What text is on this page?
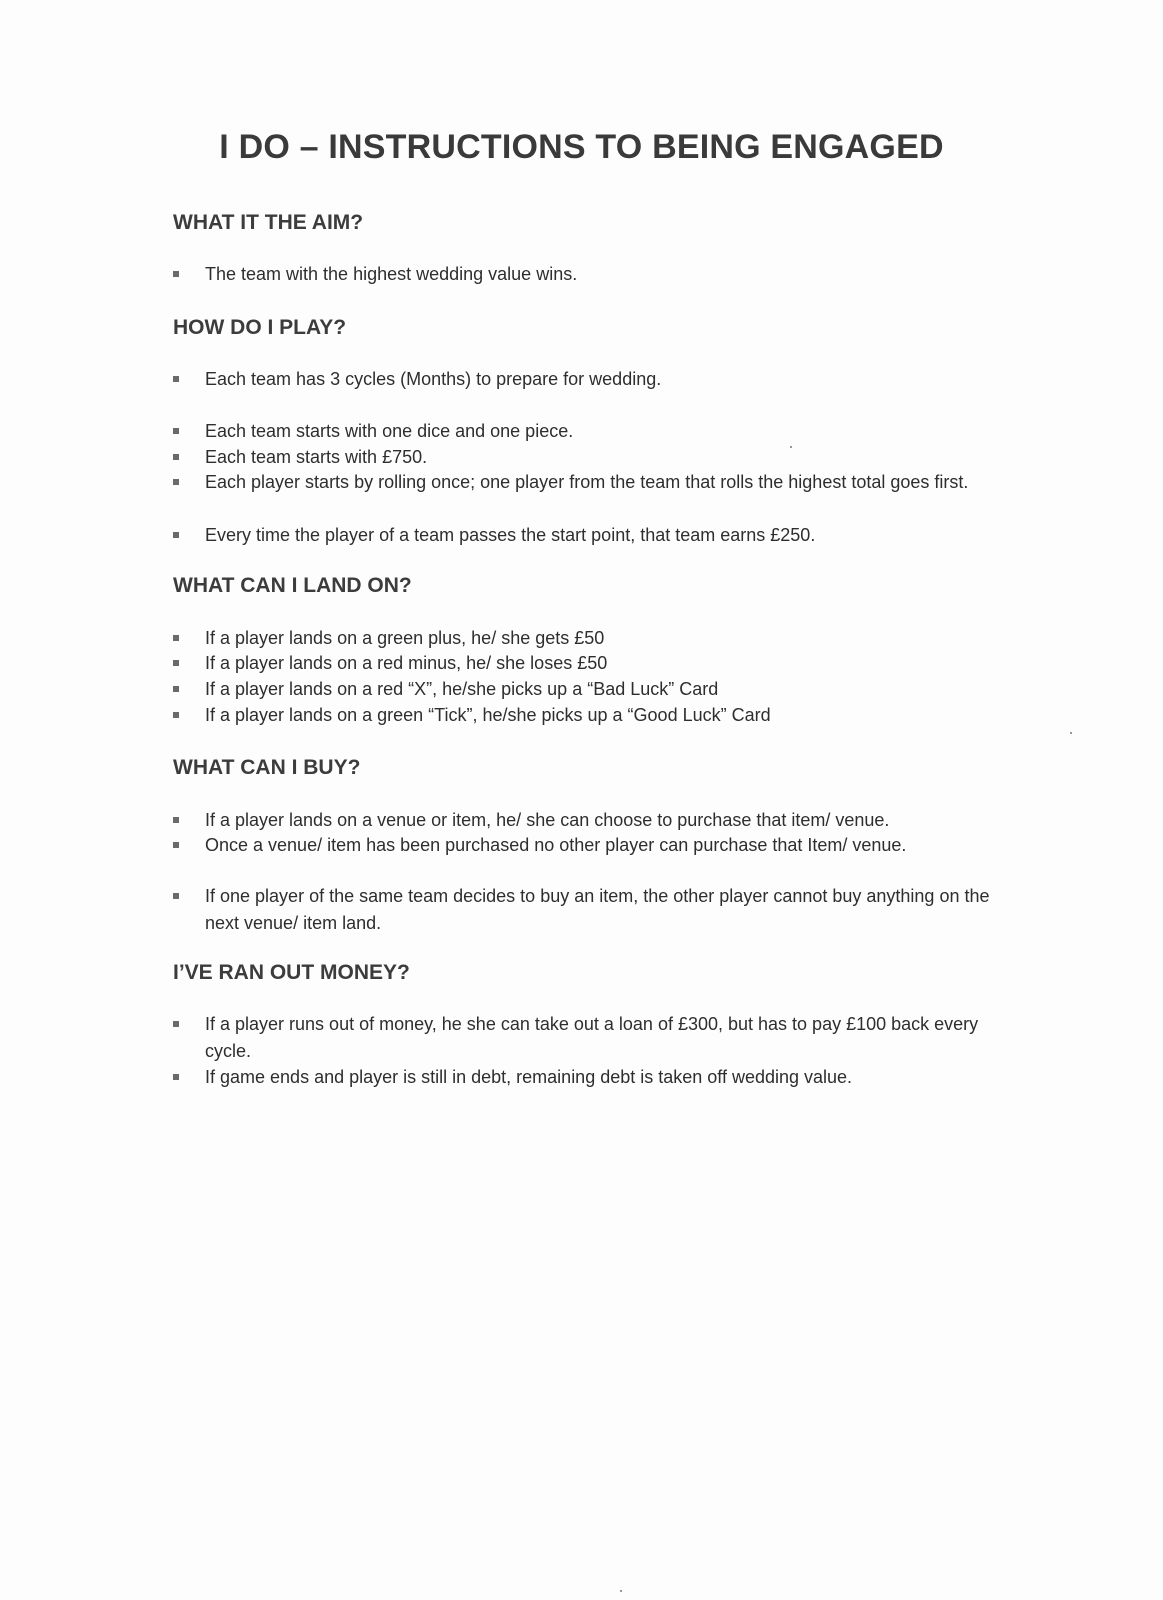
I DO – INSTRUCTIONS TO BEING ENGAGED
WHAT IT THE AIM?
The team with the highest wedding value wins.
HOW DO I PLAY?
Each team has 3 cycles (Months) to prepare for wedding.
Each team starts with one dice and one piece.
Each team starts with £750.
Each player starts by rolling once; one player from the team that rolls the highest total goes first.
Every time the player of a team passes the start point, that team earns £250.
WHAT CAN I LAND ON?
If a player lands on a green plus, he/ she gets £50
If a player lands on a red minus, he/ she loses £50
If a player lands on a red “X”, he/she picks up a “Bad Luck” Card
If a player lands on a green “Tick”, he/she picks up a “Good Luck” Card
WHAT CAN I BUY?
If a player lands on a venue or item, he/ she can choose to purchase that item/ venue.
Once a venue/ item has been purchased no other player can purchase that Item/ venue.
If one player of the same team decides to buy an item, the other player cannot buy anything on the next venue/ item land.
I’VE RAN OUT MONEY?
If a player runs out of money, he she can take out a loan of £300, but has to pay £100 back every cycle.
If game ends and player is still in debt, remaining debt is taken off wedding value.
